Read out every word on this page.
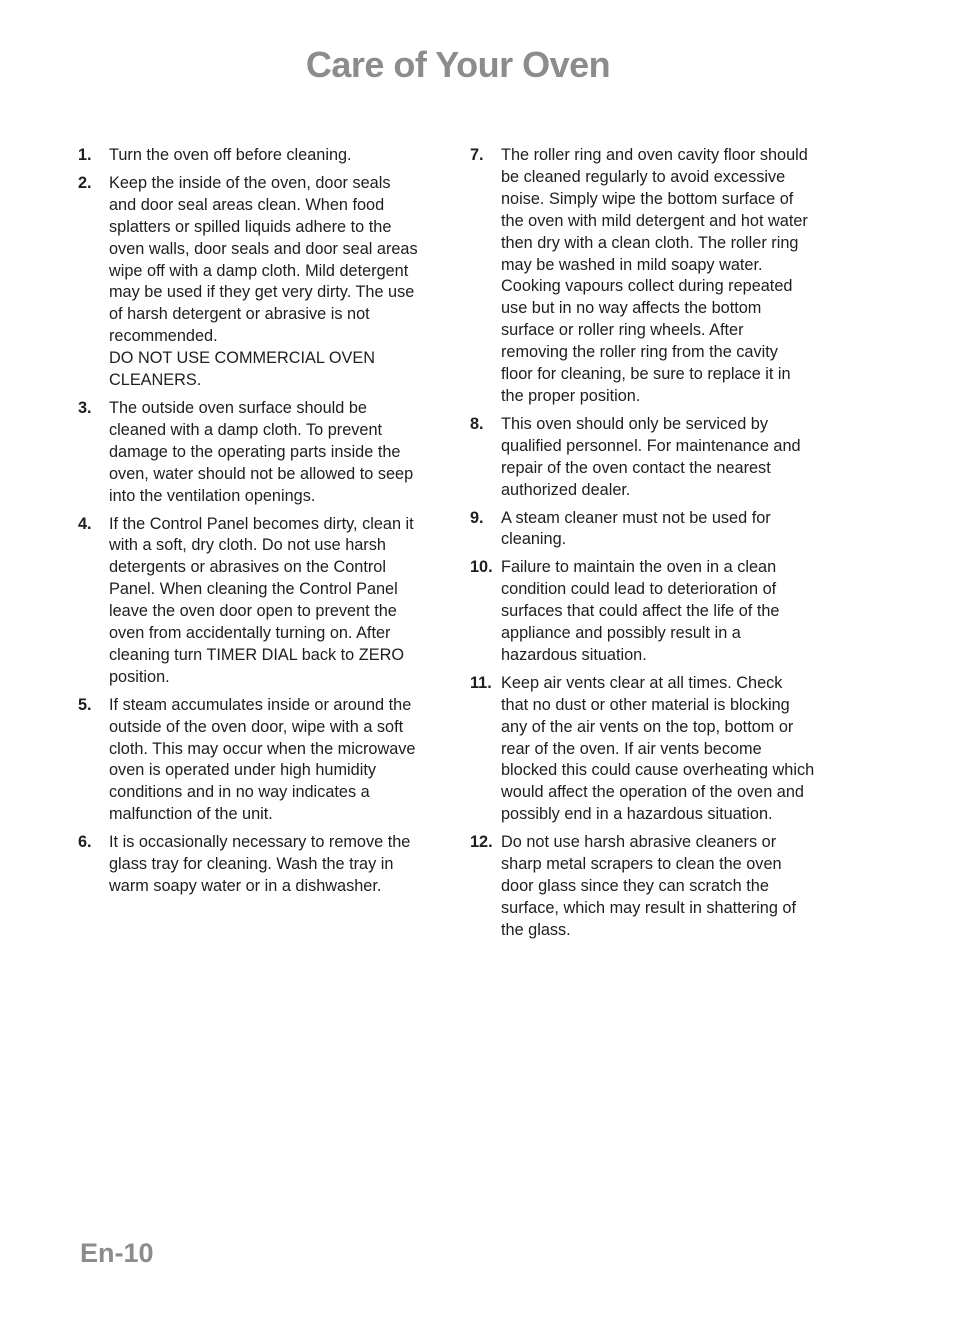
Care of Your Oven
1.	Turn the oven off before cleaning.
2.	Keep the inside of the oven, door seals
and door seal areas clean. When food
splatters or spilled liquids adhere to the
oven walls, door seals and door seal areas
wipe off with a damp cloth. Mild detergent
may be used if they get very dirty. The use
of harsh detergent or abrasive is not
recommended.
DO NOT USE COMMERCIAL OVEN
CLEANERS.
3.	The outside oven surface should be
cleaned with a damp cloth. To prevent
damage to the operating parts inside the
oven, water should not be allowed to seep
into the ventilation openings.
4.	If the Control Panel becomes dirty, clean it
with a soft, dry cloth. Do not use harsh
detergents or abrasives on the Control
Panel. When cleaning the Control Panel
leave the oven door open to prevent the
oven from accidentally turning on. After
cleaning turn TIMER DIAL back to ZERO
position.
5.	If steam accumulates inside or around the
outside of the oven door, wipe with a soft
cloth. This may occur when the microwave
oven is operated under high humidity
conditions and in no way indicates a
malfunction of the unit.
6.	It is occasionally necessary to remove the
glass tray for cleaning. Wash the tray in
warm soapy water or in a dishwasher.
7.	The roller ring and oven cavity floor should
be cleaned regularly to avoid excessive
noise. Simply wipe the bottom surface of
the oven with mild detergent and hot water
then dry with a clean cloth. The roller ring
may be washed in mild soapy water.
Cooking vapours collect during repeated
use but in no way affects the bottom
surface or roller ring wheels. After
removing the roller ring from the cavity
floor for cleaning, be sure to replace it in
the proper position.
8.	This oven should only be serviced by
qualified personnel. For maintenance and
repair of the oven contact the nearest
authorized dealer.
9.	A steam cleaner must not be used for
cleaning.
10. Failure to maintain the oven in a clean
condition could lead to deterioration of
surfaces that could affect the life of the
appliance and possibly result in a
hazardous situation.
11. Keep air vents clear at all times. Check
that no dust or other material is blocking
any of the air vents on the top, bottom or
rear of the oven. If air vents become
blocked this could cause overheating which
would affect the operation of the oven and
possibly end in a hazardous situation.
12. Do not use harsh abrasive cleaners or
sharp metal scrapers to clean the oven
door glass since they can scratch the
surface, which may result in shattering of
the glass.
En-10
